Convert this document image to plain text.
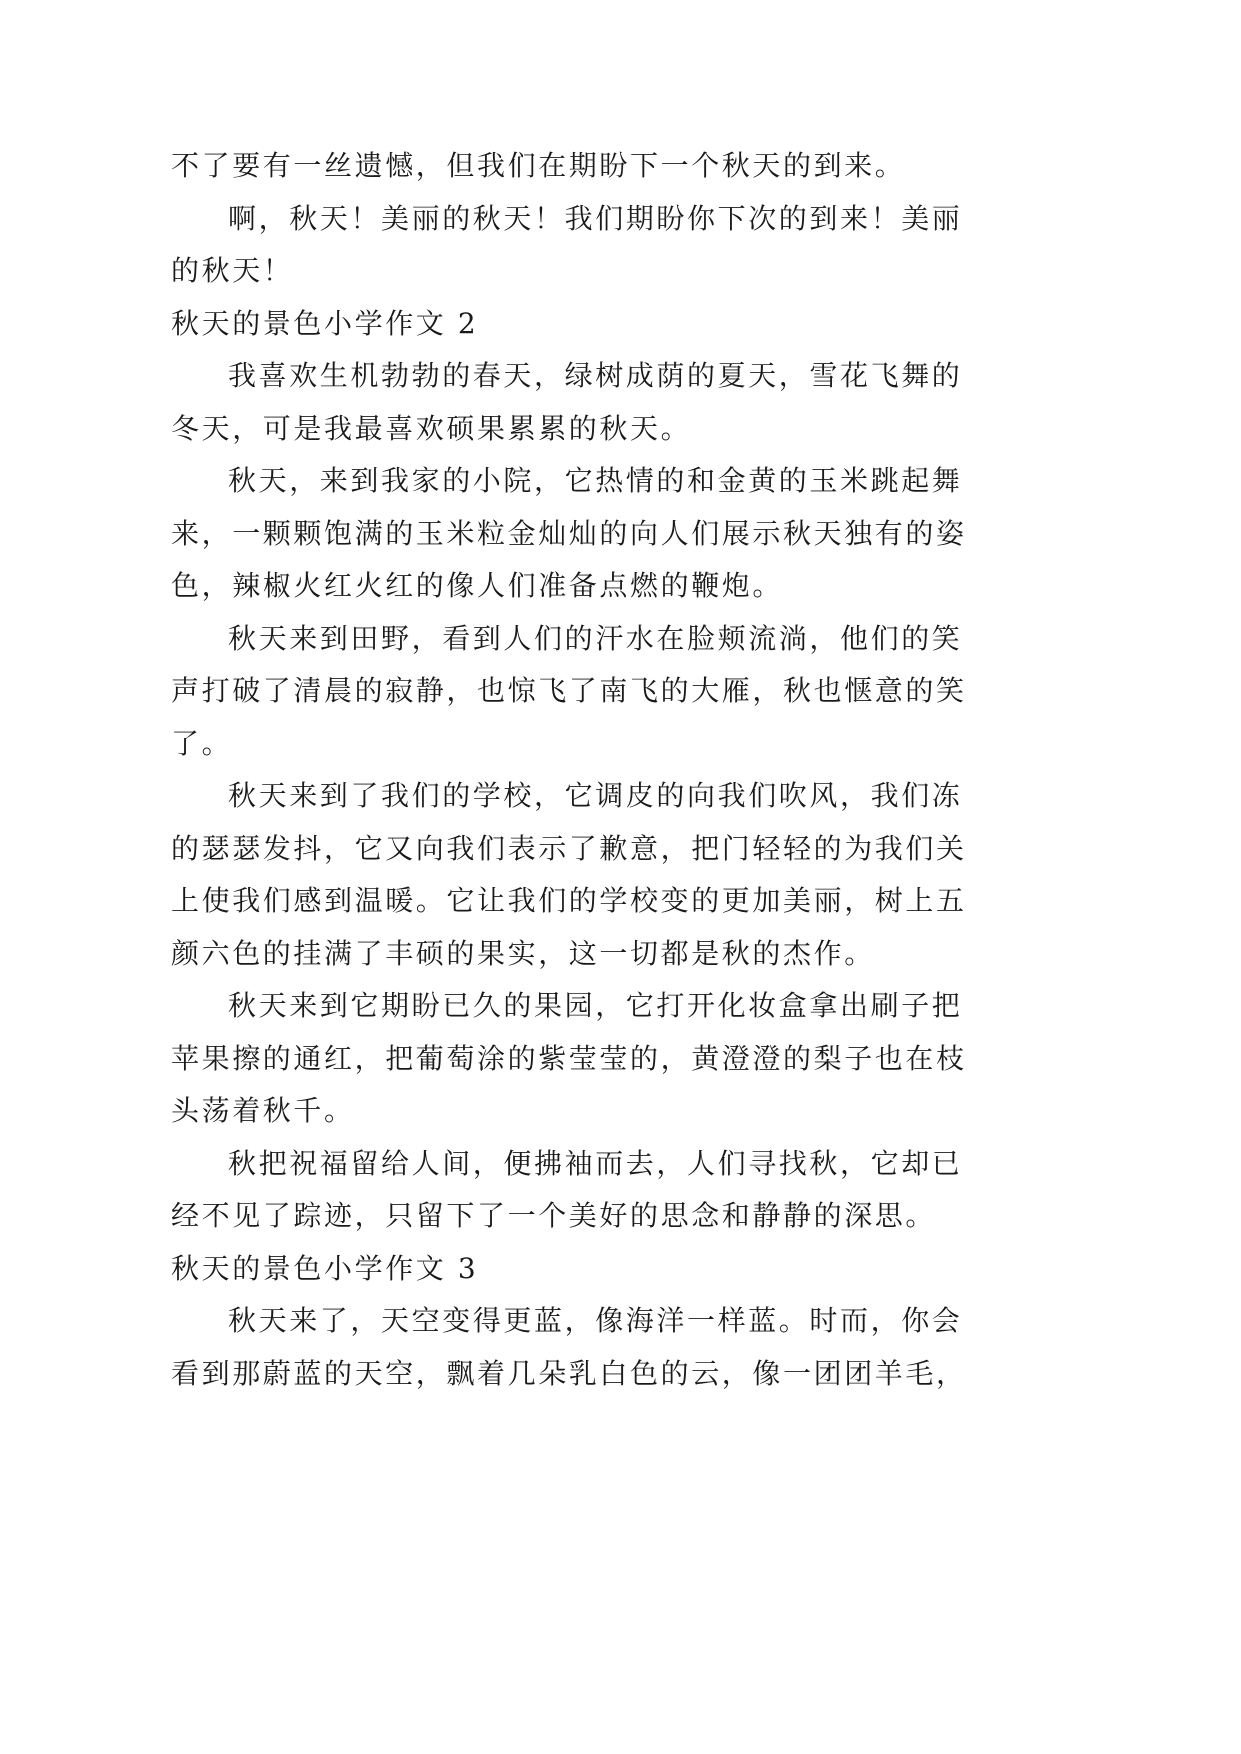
不了要有一丝遗憾，但我们在期盼下一个秋天的到来。
啊，秋天！美丽的秋天！我们期盼你下次的到来！美丽
的秋天！
秋天的景色小学作文 2
我喜欢生机勃勃的春天，绿树成荫的夏天，雪花飞舞的
冬天，可是我最喜欢硕果累累的秋天。
秋天，来到我家的小院，它热情的和金黄的玉米跳起舞
来，一颗颗饱满的玉米粒金灿灿的向人们展示秋天独有的姿
色，辣椒火红火红的像人们准备点燃的鞭炮。
秋天来到田野，看到人们的汗水在脸颊流淌，他们的笑
声打破了清晨的寂静，也惊飞了南飞的大雁，秋也惬意的笑
了。
秋天来到了我们的学校，它调皮的向我们吹风，我们冻
的瑟瑟发抖，它又向我们表示了歉意，把门轻轻的为我们关
上使我们感到温暖。它让我们的学校变的更加美丽，树上五
颜六色的挂满了丰硕的果实，这一切都是秋的杰作。
秋天来到它期盼已久的果园，它打开化妆盒拿出刷子把
苹果擦的通红，把葡萄涂的紫莹莹的，黄澄澄的梨子也在枝
头荡着秋千。
秋把祝福留给人间，便拂袖而去，人们寻找秋，它却已
经不见了踪迹，只留下了一个美好的思念和静静的深思。
秋天的景色小学作文 3
秋天来了，天空变得更蓝，像海洋一样蓝。时而，你会
看到那蔚蓝的天空，飘着几朵乳白色的云，像一团团羊毛，
